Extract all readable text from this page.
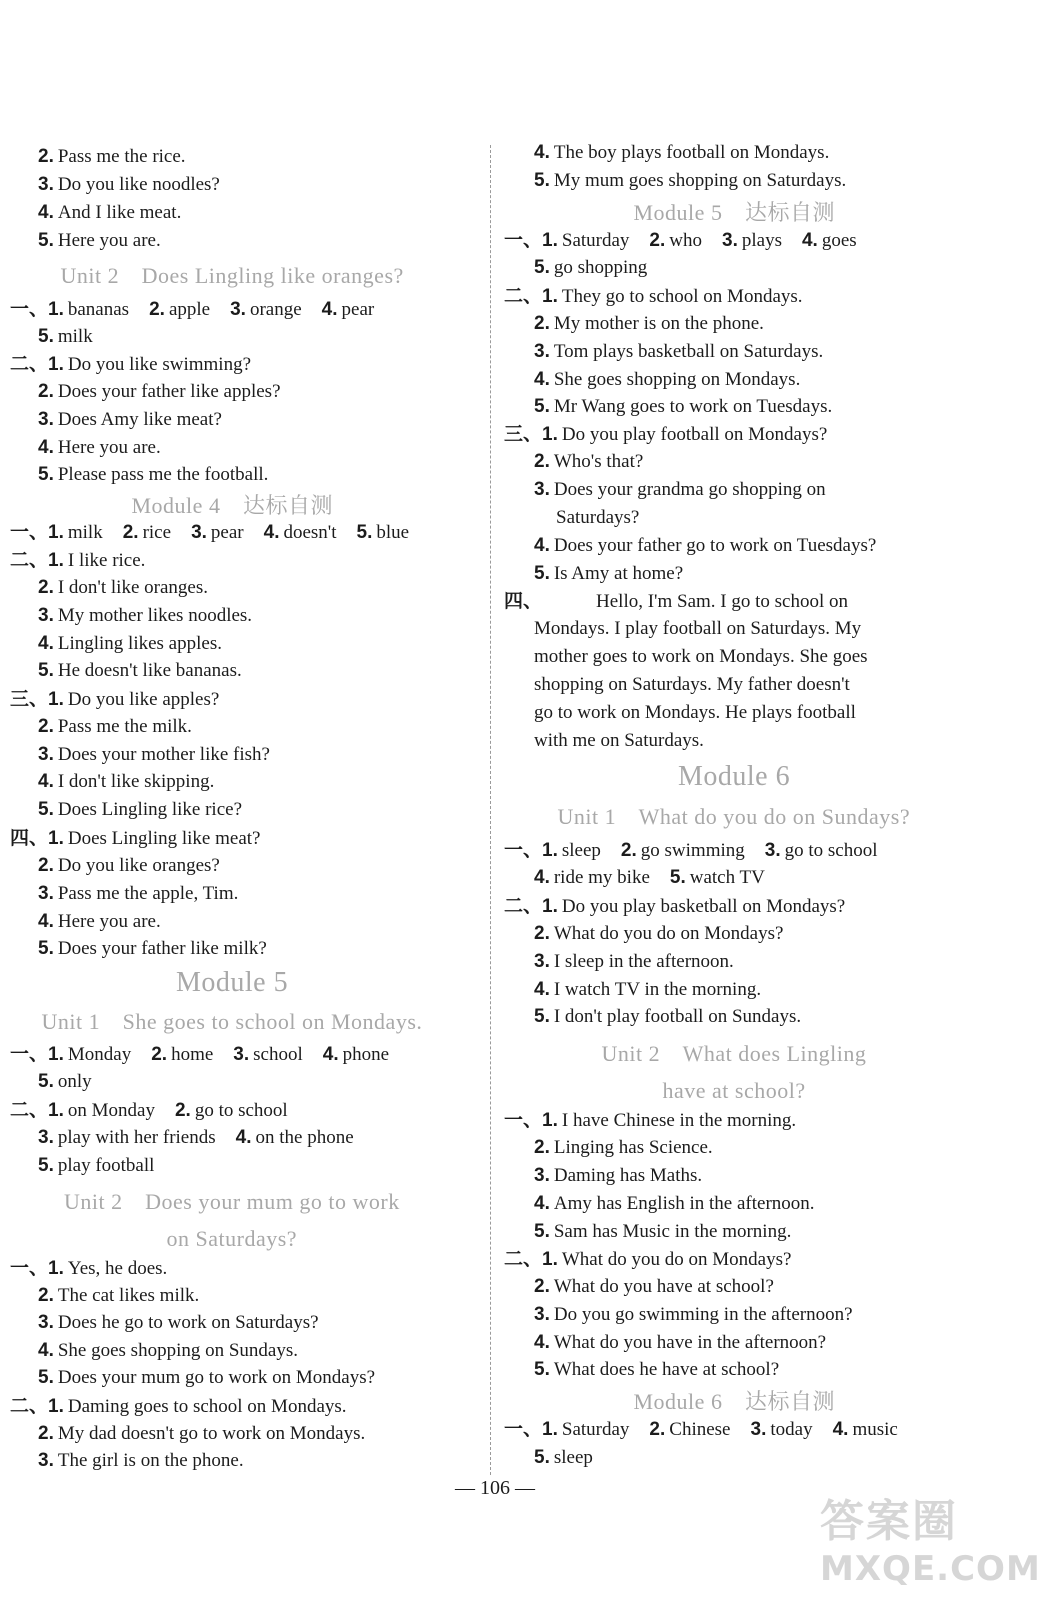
2. Pass me the rice.
3. Do you like noodles?
4. And I like meat.
5. Here you are.
Unit 2　Does Lingling like oranges?
一、1. bananas 2. apple 3. orange 4. pear
5. milk
二、1. Do you like swimming?
2. Does your father like apples?
3. Does Amy like meat?
4. Here you are.
5. Please pass me the football.
Module 4　达标自测
一、1. milk 2. rice 3. pear 4. doesn't 5. blue
二、1. I like rice.
2. I don't like oranges.
3. My mother likes noodles.
4. Lingling likes apples.
5. He doesn't like bananas.
三、1. Do you like apples?
2. Pass me the milk.
3. Does your mother like fish?
4. I don't like skipping.
5. Does Lingling like rice?
四、1. Does Lingling like meat?
2. Do you like oranges?
3. Pass me the apple, Tim.
4. Here you are.
5. Does your father like milk?
Module 5
Unit 1　She goes to school on Mondays.
一、1. Monday 2. home 3. school 4. phone
5. only
二、1. on Monday 2. go to school
3. play with her friends 4. on the phone
5. play football
Unit 2　Does your mum go to work
on Saturdays?
一、1. Yes, he does.
2. The cat likes milk.
3. Does he go to work on Saturdays?
4. She goes shopping on Sundays.
5. Does your mum go to work on Mondays?
二、1. Daming goes to school on Mondays.
2. My dad doesn't go to work on Mondays.
3. The girl is on the phone.
4. The boy plays football on Mondays.
5. My mum goes shopping on Saturdays.
Module 5　达标自测
一、1. Saturday 2. who 3. plays 4. goes
5. go shopping
二、1. They go to school on Mondays.
2. My mother is on the phone.
3. Tom plays basketball on Saturdays.
4. She goes shopping on Mondays.
5. Mr Wang goes to work on Tuesdays.
三、1. Do you play football on Mondays?
2. Who's that?
3. Does your grandma go shopping on
Saturdays?
4. Does your father go to work on Tuesdays?
5. Is Amy at home?
四、	Hello, I'm Sam. I go to school on
Mondays. I play football on Saturdays. My
mother goes to work on Mondays. She goes
shopping on Saturdays. My father doesn't
go to work on Mondays. He plays football
with me on Saturdays.
Module 6
Unit 1　What do you do on Sundays?
一、1. sleep 2. go swimming 3. go to school
4. ride my bike 5. watch TV
二、1. Do you play basketball on Mondays?
2. What do you do on Mondays?
3. I sleep in the afternoon.
4. I watch TV in the morning.
5. I don't play football on Sundays.
Unit 2　What does Lingling
have at school?
一、1. I have Chinese in the morning.
2. Linging has Science.
3. Daming has Maths.
4. Amy has English in the afternoon.
5. Sam has Music in the morning.
二、1. What do you do on Mondays?
2. What do you have at school?
3. Do you go swimming in the afternoon?
4. What do you have in the afternoon?
5. What does he have at school?
Module 6　达标自测
一、1. Saturday 2. Chinese 3. today 4. music
5. sleep
— 106 —
答案圈
MXQE.COM
